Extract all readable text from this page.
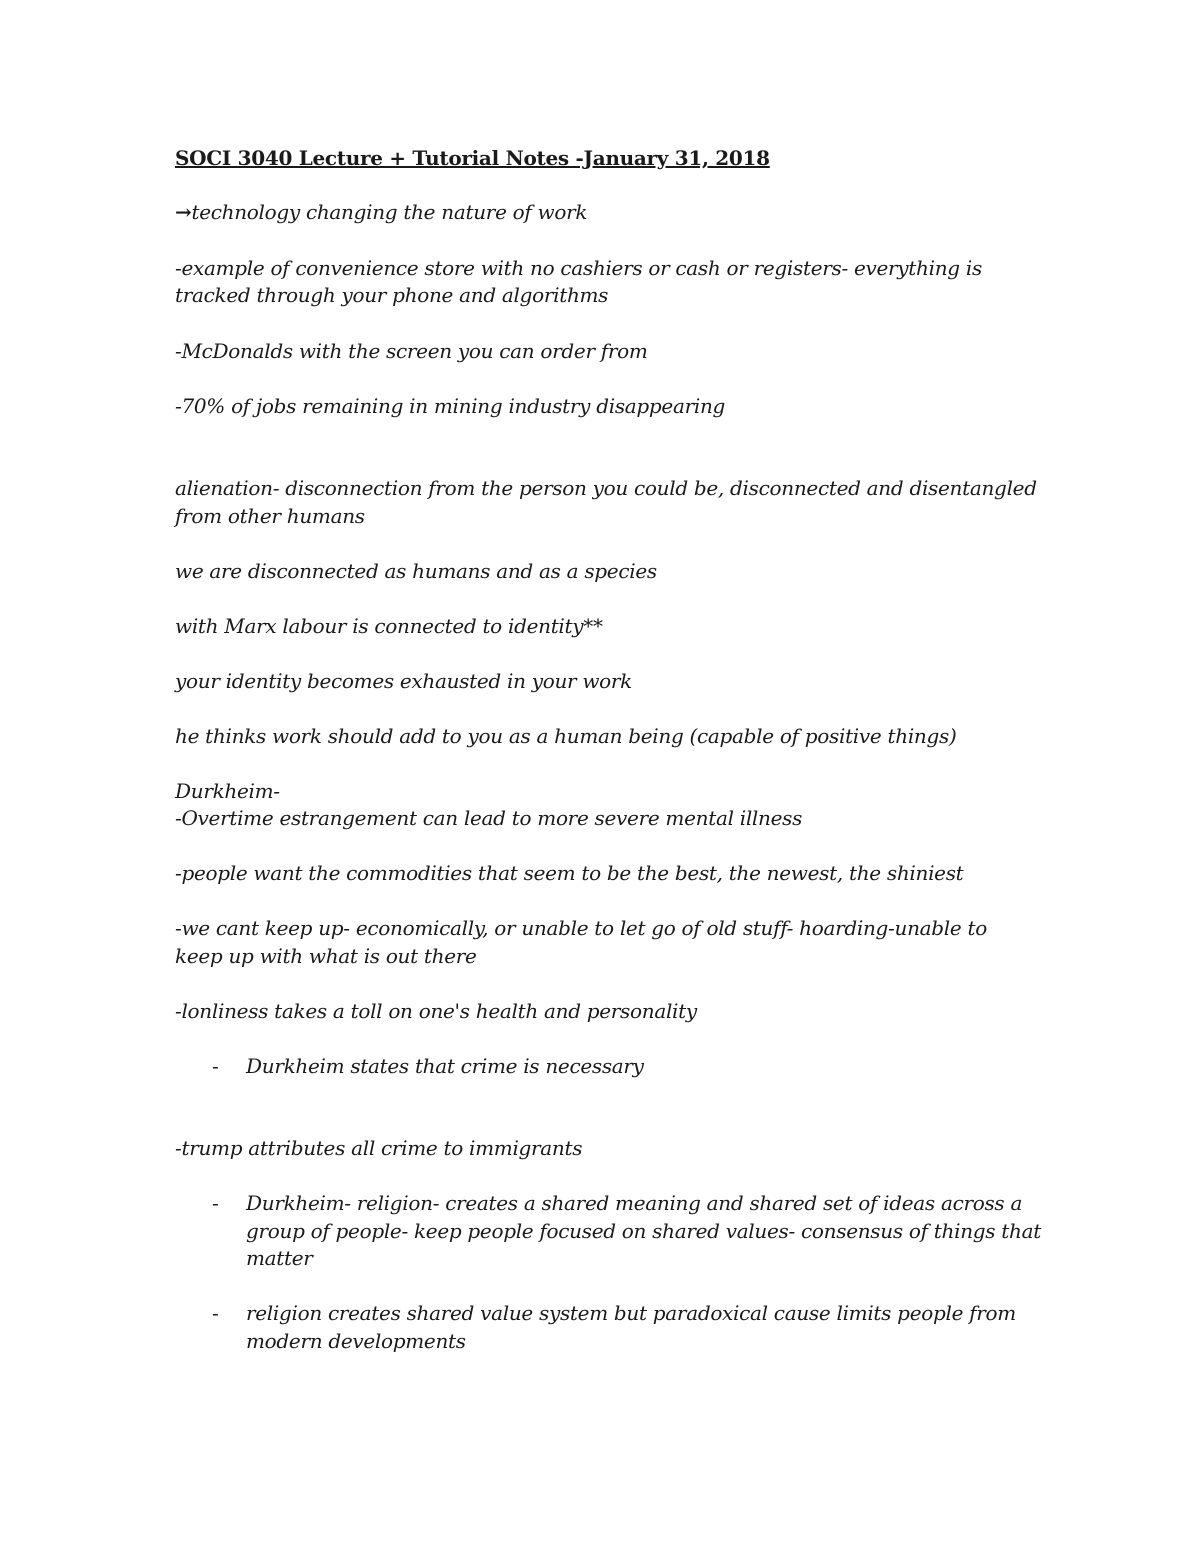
SOCI 3040 Lecture + Tutorial Notes -January 31, 2018
→technology changing the nature of work
-example of convenience store with no cashiers or cash or registers- everything is
tracked through your phone and algorithms
-McDonalds with the screen you can order from
-70% of jobs remaining in mining industry disappearing
alienation- disconnection from the person you could be, disconnected and disentangled
from other humans
we are disconnected as humans and as a species
with Marx labour is connected to identity**
your identity becomes exhausted in your work
he thinks work should add to you as a human being (capable of positive things)
Durkheim-
-Overtime estrangement can lead to more severe mental illness
-people want the commodities that seem to be the best, the newest, the shiniest
-we cant keep up- economically, or unable to let go of old stuff- hoarding-unable to
keep up with what is out there
-lonliness takes a toll on one's health and personality
- Durkheim states that crime is necessary
-trump attributes all crime to immigrants
- Durkheim- religion- creates a shared meaning and shared set of ideas across a
group of people- keep people focused on shared values- consensus of things that
matter
- religion creates shared value system but paradoxical cause limits people from
modern developments
